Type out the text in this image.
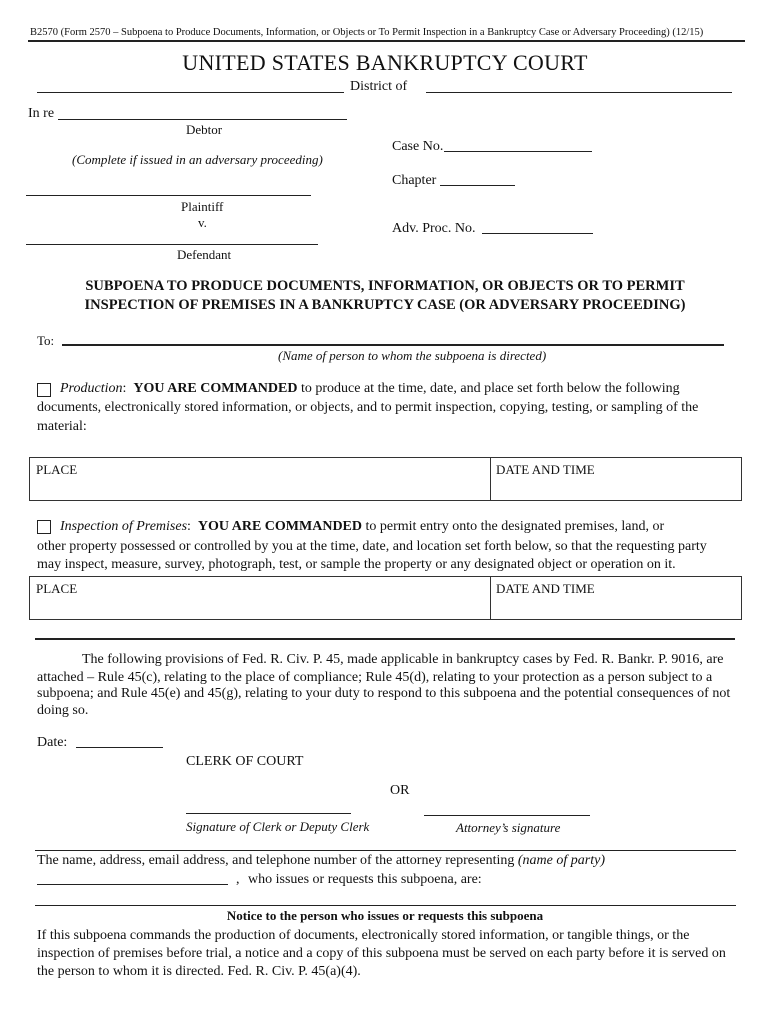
B2570 (Form 2570 – Subpoena to Produce Documents, Information, or Objects or To Permit Inspection in a Bankruptcy Case or Adversary Proceeding) (12/15)
UNITED STATES BANKRUPTCY COURT
District of
In re
Debtor
(Complete if issued in an adversary proceeding)
Case No.
Chapter
Plaintiff
v.	Adv. Proc. No.
Defendant
SUBPOENA TO PRODUCE DOCUMENTS, INFORMATION, OR OBJECTS OR TO PERMIT
INSPECTION OF PREMISES IN A BANKRUPTCY CASE (OR ADVERSARY PROCEEDING)
To:
(Name of person to whom the subpoena is directed)
Production: YOU ARE COMMANDED to produce at the time, date, and place set forth below the following
documents, electronically stored information, or objects, and to permit inspection, copying, testing, or sampling of the
material:
PLACE	DATE AND TIME
Inspection of Premises: YOU ARE COMMANDED to permit entry onto the designated premises, land, or
other property possessed or controlled by you at the time, date, and location set forth below, so that the requesting party
may inspect, measure, survey, photograph, test, or sample the property or any designated object or operation on it.
PLACE	DATE AND TIME
The following provisions of Fed. R. Civ. P. 45, made applicable in bankruptcy cases by Fed. R. Bankr. P. 9016, are
attached – Rule 45(c), relating to the place of compliance; Rule 45(d), relating to your protection as a person subject to a
subpoena; and Rule 45(e) and 45(g), relating to your duty to respond to this subpoena and the potential consequences of not
doing so.
Date:
CLERK OF COURT
OR
Signature of Clerk or Deputy Clerk	Attorney’s signature
The name, address, email address, and telephone number of the attorney representing (name of party)
, who issues or requests this subpoena, are:
Notice to the person who issues or requests this subpoena
If this subpoena commands the production of documents, electronically stored information, or tangible things, or the
inspection of premises before trial, a notice and a copy of this subpoena must be served on each party before it is served on
the person to whom it is directed. Fed. R. Civ. P. 45(a)(4).
